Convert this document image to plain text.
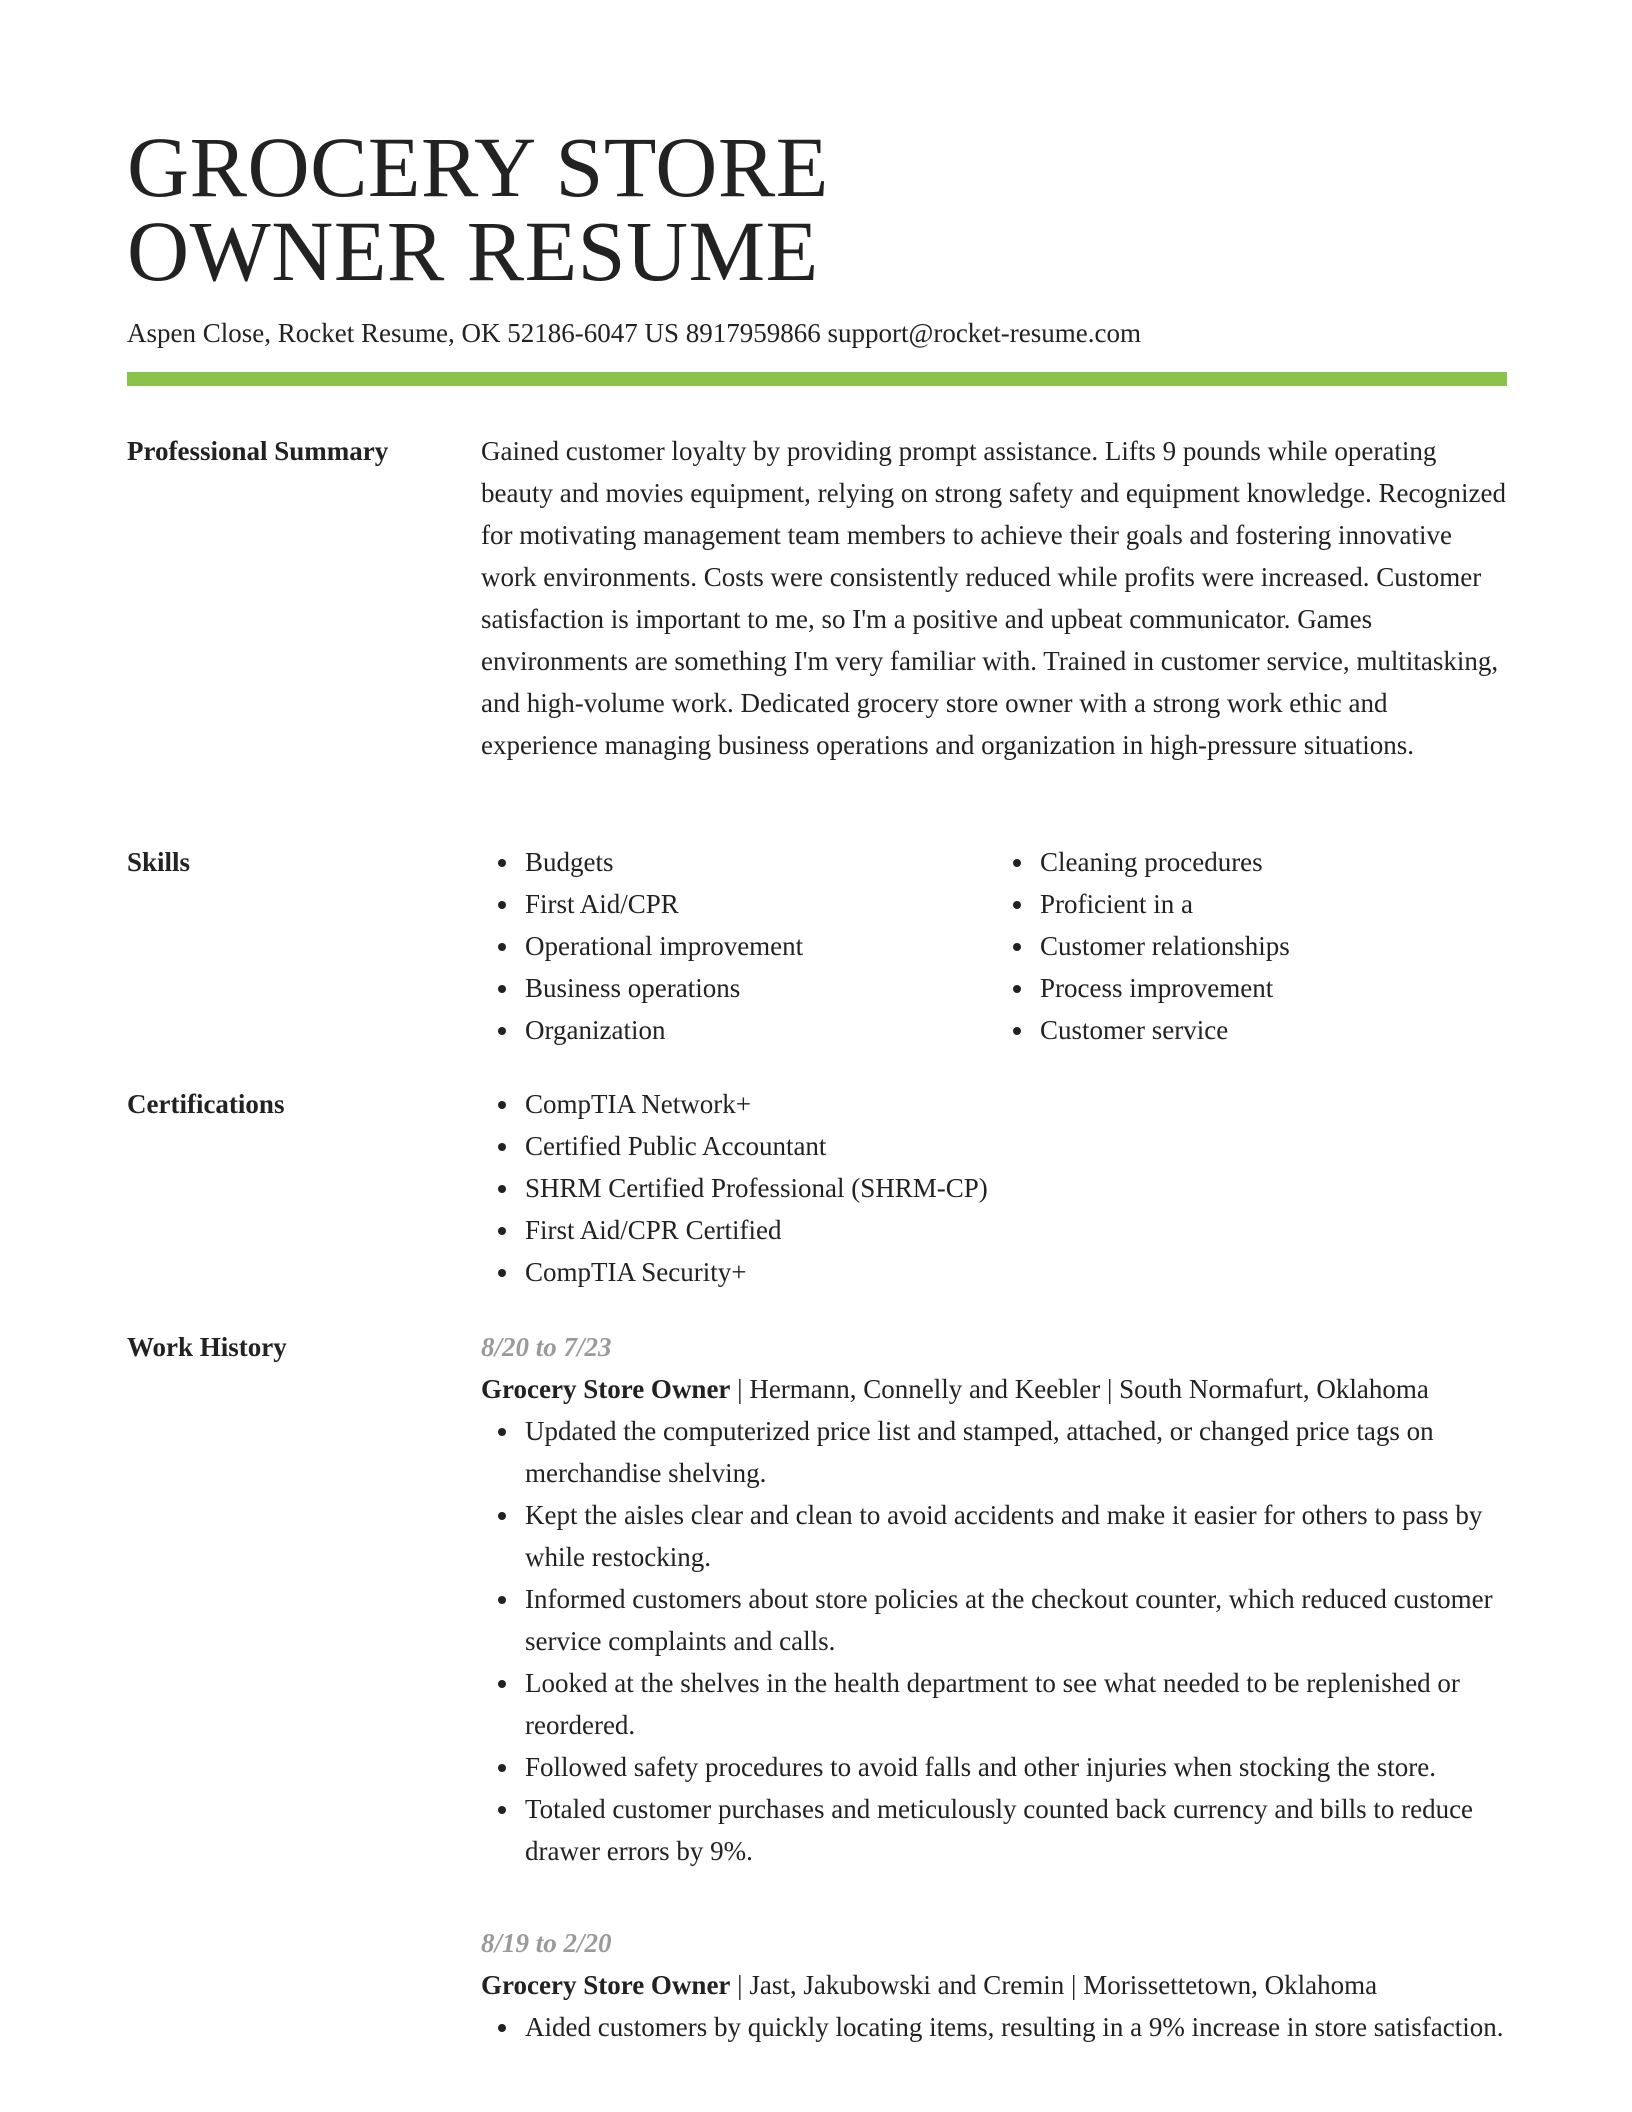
GROCERY STORE
OWNER RESUME
Aspen Close, Rocket Resume, OK 52186-6047 US 8917959866 support@rocket-resume.com
Professional Summary	Gained customer loyalty by providing prompt assistance. Lifts 9 pounds while operating beauty and movies equipment, relying on strong safety and equipment knowledge. Recognized for motivating management team members to achieve their goals and fostering innovative work environments. Costs were consistently reduced while profits were increased. Customer satisfaction is important to me, so I'm a positive and upbeat communicator. Games environments are something I'm very familiar with. Trained in customer service, multitasking, and high-volume work. Dedicated grocery store owner with a strong work ethic and experience managing business operations and organization in high-pressure situations.

Skills	Budgets
First Aid/CPR
Operational improvement
Business operations
Organization
Cleaning procedures
Proficient in a
Customer relationships
Process improvement
Customer service
Certifications	CompTIA Network+
Certified Public Accountant
SHRM Certified Professional (SHRM-CP)
First Aid/CPR Certified
CompTIA Security+
Work History	8/20 to 7/23
Grocery Store Owner | Hermann, Connelly and Keebler | South Normafurt, Oklahoma
Updated the computerized price list and stamped, attached, or changed price tags on merchandise shelving.
Kept the aisles clear and clean to avoid accidents and make it easier for others to pass by while restocking.
Informed customers about store policies at the checkout counter, which reduced customer service complaints and calls.
Looked at the shelves in the health department to see what needed to be replenished or reordered.
Followed safety procedures to avoid falls and other injuries when stocking the store.
Totaled customer purchases and meticulously counted back currency and bills to reduce drawer errors by 9%.
8/19 to 2/20
Grocery Store Owner | Jast, Jakubowski and Cremin | Morissettetown, Oklahoma
Aided customers by quickly locating items, resulting in a 9% increase in store satisfaction.
